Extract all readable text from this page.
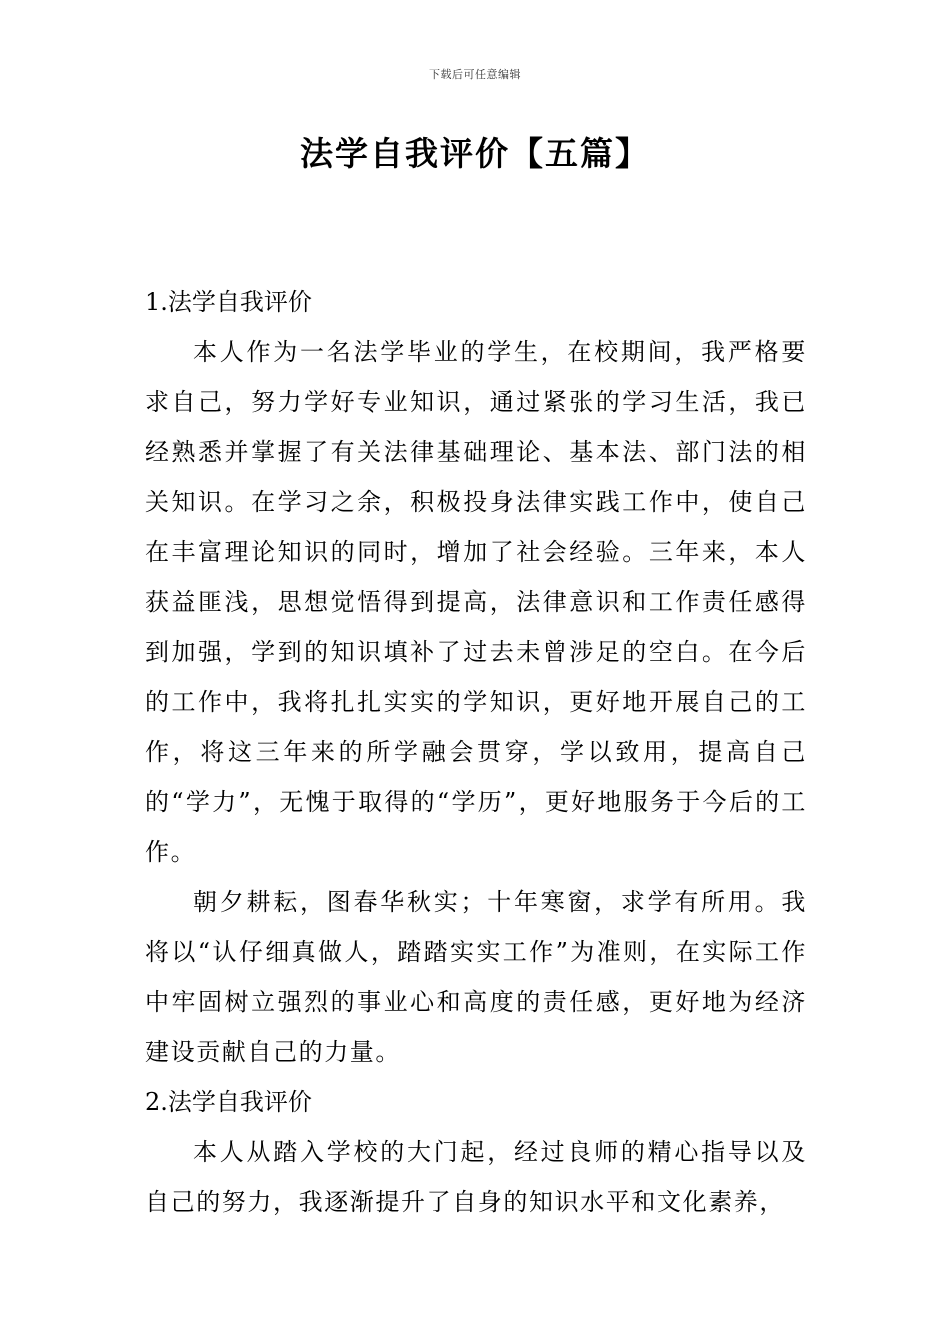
下载后可任意编辑
法学自我评价【五篇】
1.法学自我评价

本人作为一名法学毕业的学生，在校期间，我严格要求自己，努力学好专业知识，通过紧张的学习生活，我已经熟悉并掌握了有关法律基础理论、基本法、部门法的相关知识。在学习之余，积极投身法律实践工作中，使自己在丰富理论知识的同时，增加了社会经验。三年来，本人获益匪浅，思想觉悟得到提高，法律意识和工作责任感得到加强，学到的知识填补了过去未曾涉足的空白。在今后的工作中，我将扎扎实实的学知识，更好地开展自己的工作，将这三年来的所学融会贯穿，学以致用，提高自己的“学力”，无愧于取得的“学历”，更好地服务于今后的工作。

朝夕耕耘，图春华秋实；十年寒窗，求学有所用。我将以“认仔细真做人，踏踏实实工作”为准则，在实际工作中牢固树立强烈的事业心和高度的责任感，更好地为经济建设贡献自己的力量。

2.法学自我评价

本人从踏入学校的大门起，经过良师的精心指导以及自己的努力，我逐渐提升了自身的知识水平和文化素养，
